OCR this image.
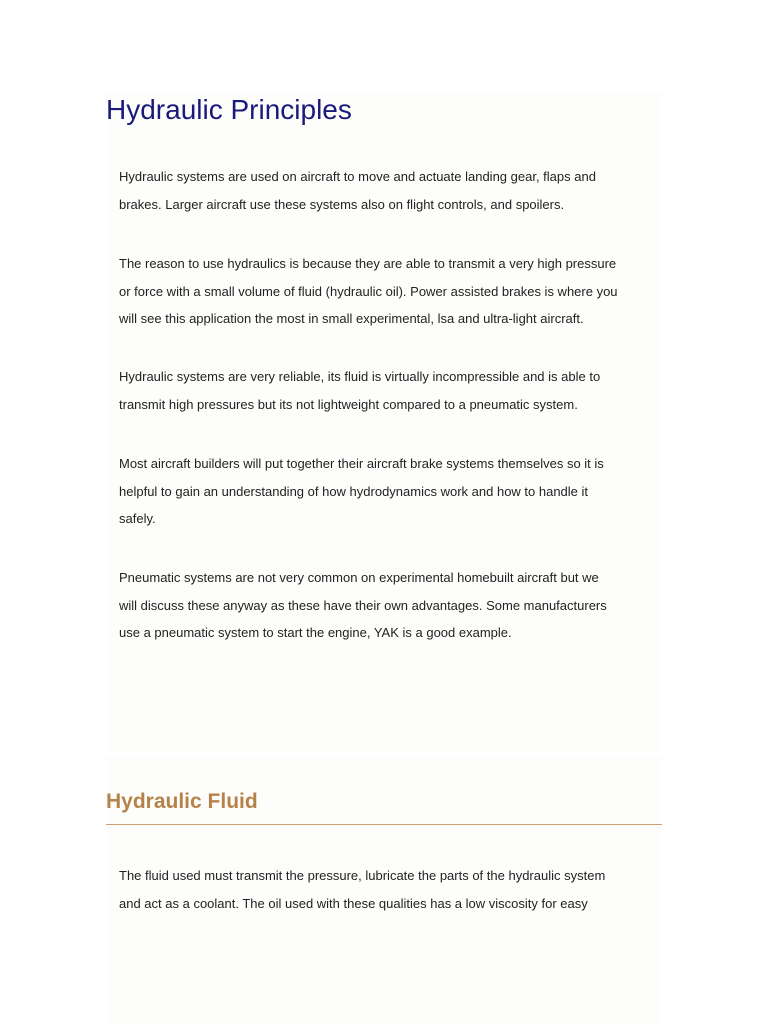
Hydraulic Principles

Hydraulic systems are used on aircraft to move and actuate landing gear, flaps and
brakes. Larger aircraft use these systems also on flight controls, and spoilers.

The reason to use hydraulics is because they are able to transmit a very high pressure
or force with a small volume of fluid (hydraulic oil). Power assisted brakes is where you
will see this application the most in small experimental, lsa and ultra-light aircraft.

Hydraulic systems are very reliable, its fluid is virtually incompressible and is able to
transmit high pressures but its not lightweight compared to a pneumatic system.

Most aircraft builders will put together their aircraft brake systems themselves so it is
helpful to gain an understanding of how hydrodynamics work and how to handle it
safely.

Pneumatic systems are not very common on experimental homebuilt aircraft but we
will discuss these anyway as these have their own advantages. Some manufacturers
use a pneumatic system to start the engine, YAK is a good example.

Hydraulic Fluid

The fluid used must transmit the pressure, lubricate the parts of the hydraulic system
and act as a coolant. The oil used with these qualities has a low viscosity for easy
